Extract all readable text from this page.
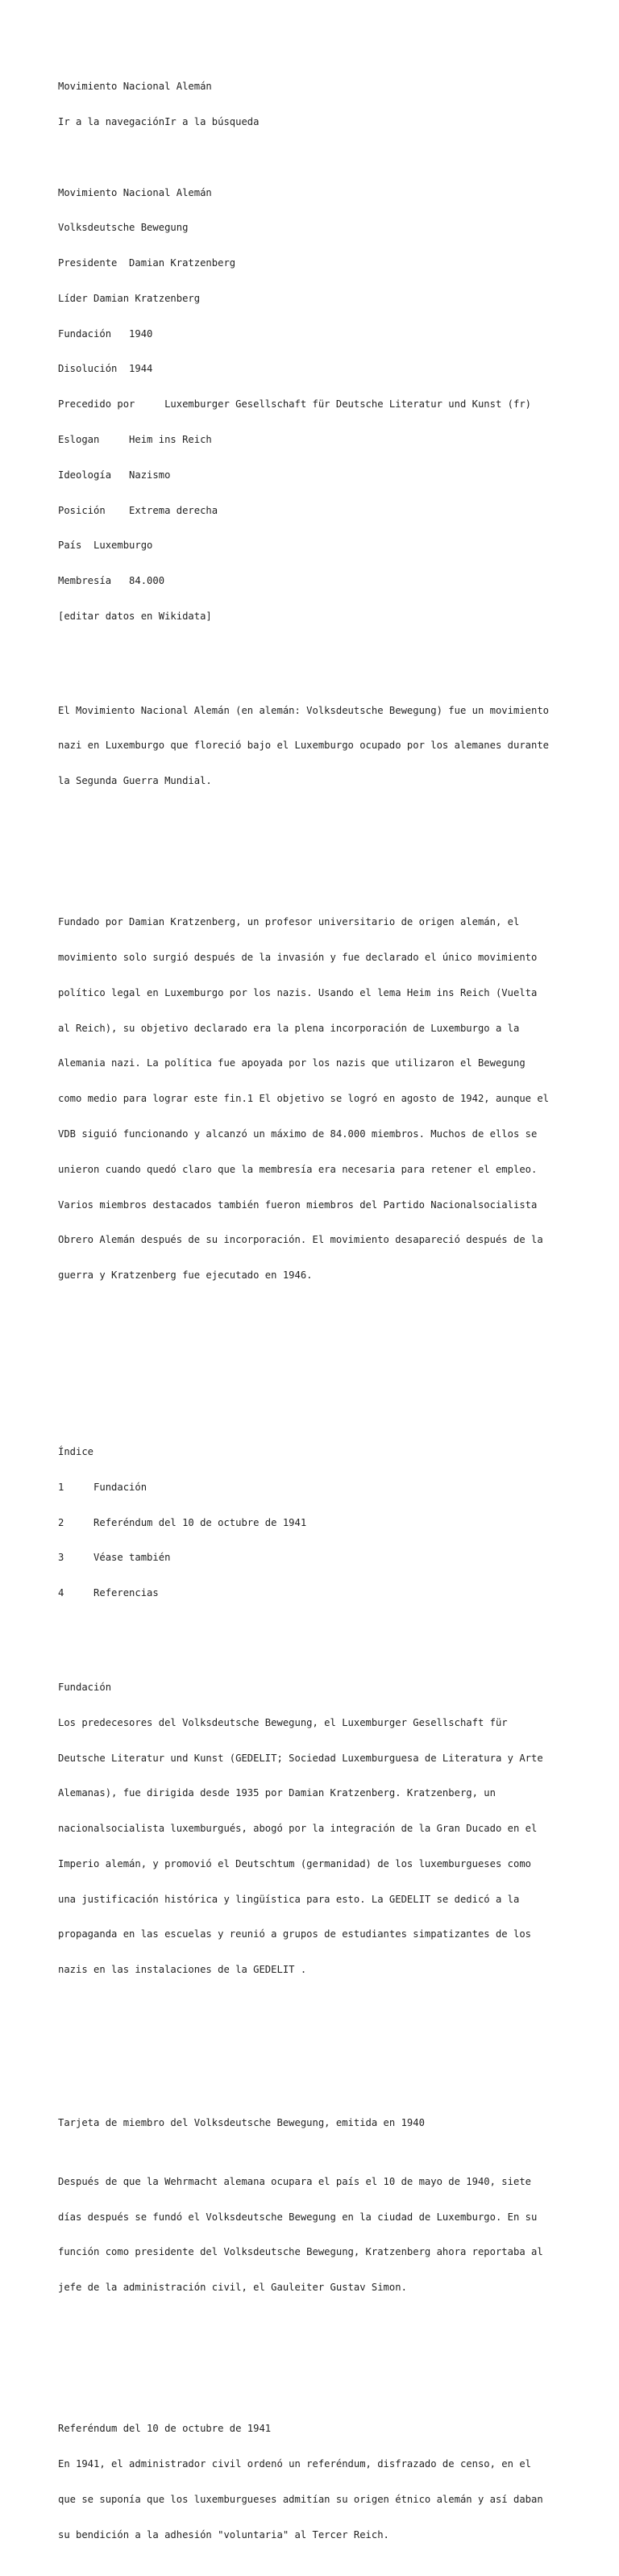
Movimiento Nacional Alemán

Ir a la navegaciónIr a la búsqueda

Movimiento Nacional Alemán

Volksdeutsche Bewegung

Presidente  Damian Kratzenberg

Líder Damian Kratzenberg

Fundación   1940

Disolución  1944

Precedido por     Luxemburger Gesellschaft für Deutsche Literatur und Kunst (fr)

Eslogan     Heim ins Reich

Ideología   Nazismo

Posición    Extrema derecha

País  Luxemburgo

Membresía   84.000

[editar datos en Wikidata]

El Movimiento Nacional Alemán (en alemán: Volksdeutsche Bewegung) fue un movimiento

nazi en Luxemburgo que floreció bajo el Luxemburgo ocupado por los alemanes durante

la Segunda Guerra Mundial.

Fundado por Damian Kratzenberg, un profesor universitario de origen alemán, el

movimiento solo surgió después de la invasión y fue declarado el único movimiento

político legal en Luxemburgo por los nazis. Usando el lema Heim ins Reich (Vuelta

al Reich), su objetivo declarado era la plena incorporación de Luxemburgo a la

Alemania nazi. La política fue apoyada por los nazis que utilizaron el Bewegung

como medio para lograr este fin.1 El objetivo se logró en agosto de 1942, aunque el

VDB siguió funcionando y alcanzó un máximo de 84.000 miembros. Muchos de ellos se

unieron cuando quedó claro que la membresía era necesaria para retener el empleo.

Varios miembros destacados también fueron miembros del Partido Nacionalsocialista

Obrero Alemán después de su incorporación. El movimiento desapareció después de la

guerra y Kratzenberg fue ejecutado en 1946.

Índice

1     Fundación

2     Referéndum del 10 de octubre de 1941

3     Véase también

4     Referencias

Fundación

Los predecesores del Volksdeutsche Bewegung, el Luxemburger Gesellschaft für

Deutsche Literatur und Kunst (GEDELIT; Sociedad Luxemburguesa de Literatura y Arte

Alemanas), fue dirigida desde 1935 por Damian Kratzenberg. Kratzenberg, un

nacionalsocialista luxemburgués, abogó por la integración de la Gran Ducado en el

Imperio alemán, y promovió el Deutschtum (germanidad) de los luxemburgueses como

una justificación histórica y lingüística para esto. La GEDELIT se dedicó a la

propaganda en las escuelas y reunió a grupos de estudiantes simpatizantes de los

nazis en las instalaciones de la GEDELIT .

Tarjeta de miembro del Volksdeutsche Bewegung, emitida en 1940

Después de que la Wehrmacht alemana ocupara el país el 10 de mayo de 1940, siete

días después se fundó el Volksdeutsche Bewegung en la ciudad de Luxemburgo. En su

función como presidente del Volksdeutsche Bewegung, Kratzenberg ahora reportaba al

jefe de la administración civil, el Gauleiter Gustav Simon.

Referéndum del 10 de octubre de 1941

En 1941, el administrador civil ordenó un referéndum, disfrazado de censo, en el

que se suponía que los luxemburgueses admitían su origen étnico alemán y así daban

su bendición a la adhesión "voluntaria" al Tercer Reich.
